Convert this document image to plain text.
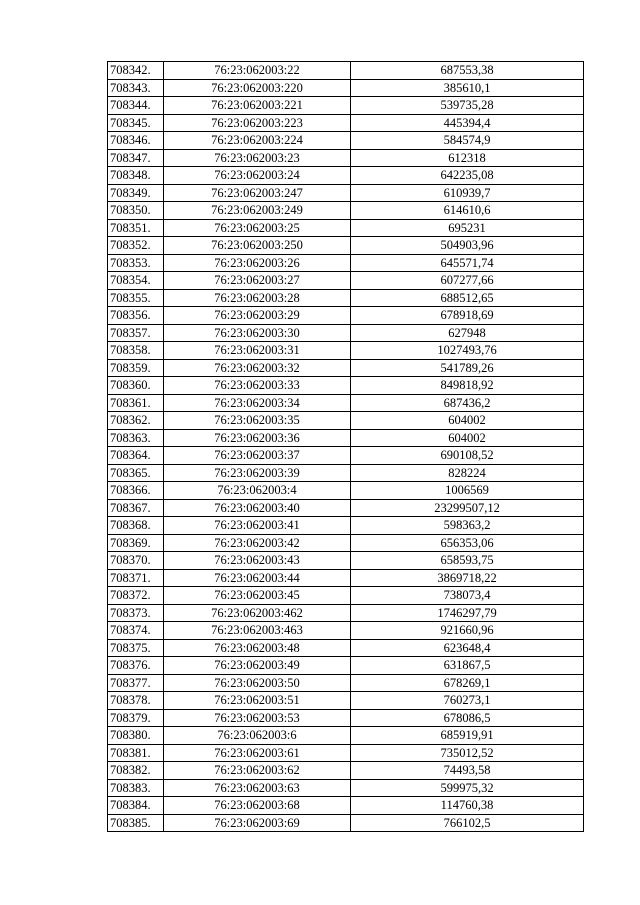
708342.	76:23:062003:22	687553,38
708343.	76:23:062003:220	385610,1
708344.	76:23:062003:221	539735,28
708345.	76:23:062003:223	445394,4
708346.	76:23:062003:224	584574,9
708347.	76:23:062003:23	612318
708348.	76:23:062003:24	642235,08
708349.	76:23:062003:247	610939,7
708350.	76:23:062003:249	614610,6
708351.	76:23:062003:25	695231
708352.	76:23:062003:250	504903,96
708353.	76:23:062003:26	645571,74
708354.	76:23:062003:27	607277,66
708355.	76:23:062003:28	688512,65
708356.	76:23:062003:29	678918,69
708357.	76:23:062003:30	627948
708358.	76:23:062003:31	1027493,76
708359.	76:23:062003:32	541789,26
708360.	76:23:062003:33	849818,92
708361.	76:23:062003:34	687436,2
708362.	76:23:062003:35	604002
708363.	76:23:062003:36	604002
708364.	76:23:062003:37	690108,52
708365.	76:23:062003:39	828224
708366.	76:23:062003:4	1006569
708367.	76:23:062003:40	23299507,12
708368.	76:23:062003:41	598363,2
708369.	76:23:062003:42	656353,06
708370.	76:23:062003:43	658593,75
708371.	76:23:062003:44	3869718,22
708372.	76:23:062003:45	738073,4
708373.	76:23:062003:462	1746297,79
708374.	76:23:062003:463	921660,96
708375.	76:23:062003:48	623648,4
708376.	76:23:062003:49	631867,5
708377.	76:23:062003:50	678269,1
708378.	76:23:062003:51	760273,1
708379.	76:23:062003:53	678086,5
708380.	76:23:062003:6	685919,91
708381.	76:23:062003:61	735012,52
708382.	76:23:062003:62	74493,58
708383.	76:23:062003:63	599975,32
708384.	76:23:062003:68	114760,38
708385.	76:23:062003:69	766102,5
